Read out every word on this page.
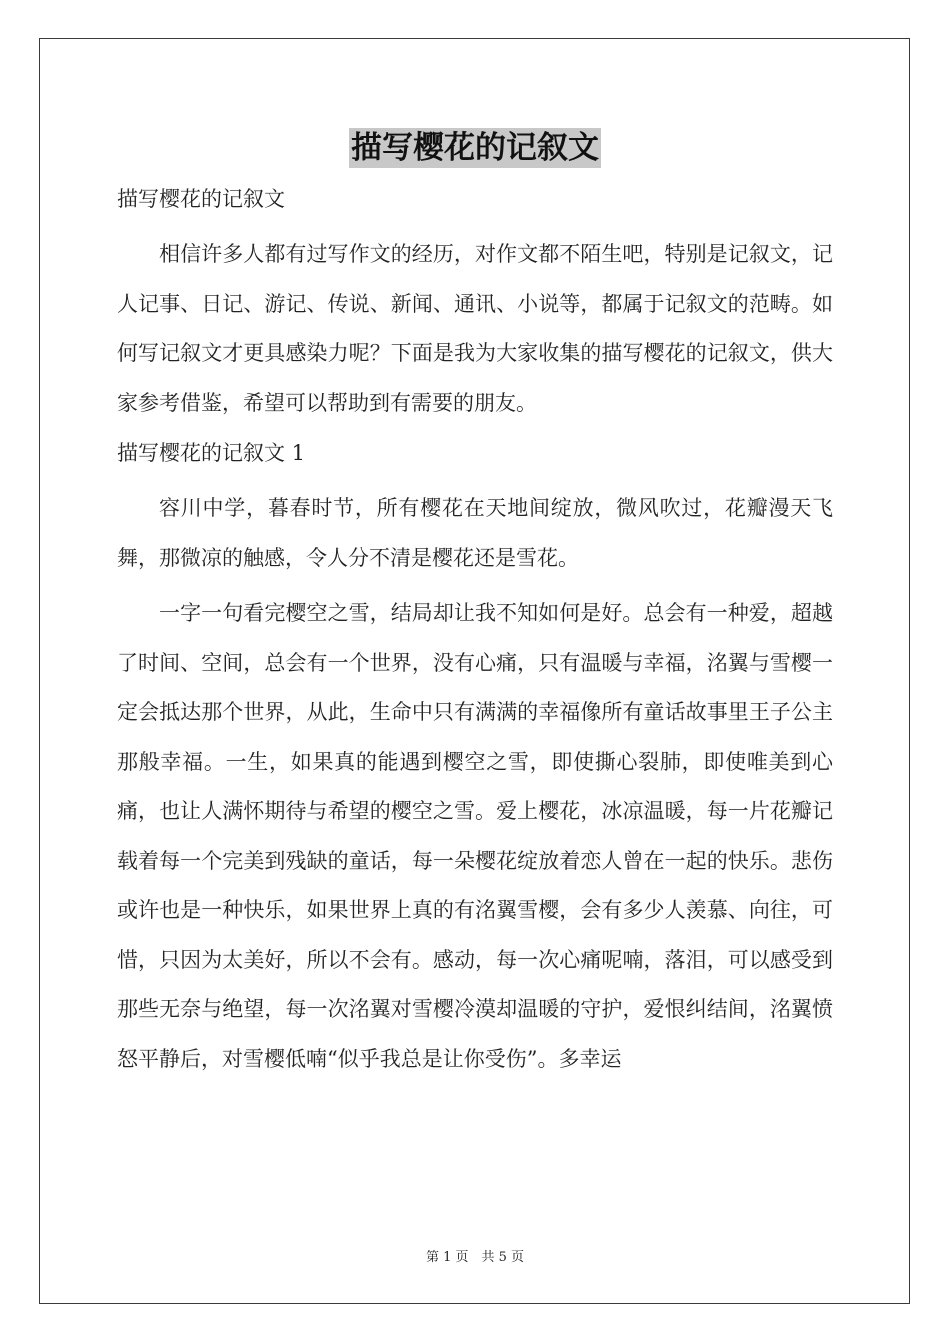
描写樱花的记叙文
描写樱花的记叙文

相信许多人都有过写作文的经历，对作文都不陌生吧，特别是记叙文，记人记事、日记、游记、传说、新闻、通讯、小说等，都属于记叙文的范畴。如何写记叙文才更具感染力呢？下面是我为大家收集的描写樱花的记叙文，供大家参考借鉴，希望可以帮助到有需要的朋友。

描写樱花的记叙文 1

容川中学，暮春时节，所有樱花在天地间绽放，微风吹过，花瓣漫天飞舞，那微凉的触感，令人分不清是樱花还是雪花。

一字一句看完樱空之雪，结局却让我不知如何是好。总会有一种爱，超越了时间、空间，总会有一个世界，没有心痛，只有温暖与幸福，洺翼与雪樱一定会抵达那个世界，从此，生命中只有满满的幸福像所有童话故事里王子公主那般幸福。一生，如果真的能遇到樱空之雪，即使撕心裂肺，即使唯美到心痛，也让人满怀期待与希望的樱空之雪。爱上樱花，冰凉温暖，每一片花瓣记载着每一个完美到残缺的童话，每一朵樱花绽放着恋人曾在一起的快乐。悲伤或许也是一种快乐，如果世界上真的有洺翼雪樱，会有多少人羡慕、向往，可惜，只因为太美好，所以不会有。感动，每一次心痛呢喃，落泪，可以感受到那些无奈与绝望，每一次洺翼对雪樱冷漠却温暖的守护，爱恨纠结间，洺翼愤怒平静后，对雪樱低喃“似乎我总是让你受伤”。多幸运

第 1 页　共 5 页
